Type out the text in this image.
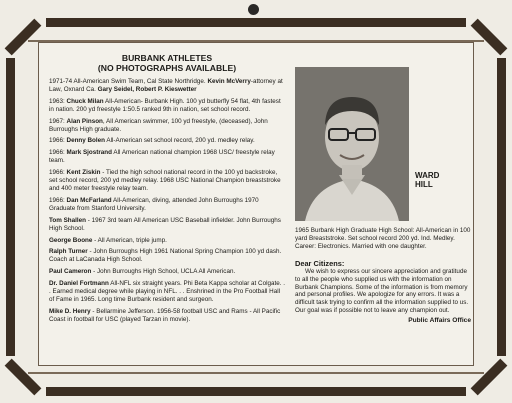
BURBANK ATHLETES
(NO PHOTOGRAPHS AVAILABLE)

1971-74 All-American Swim Team, Cal State Northridge. Kevin McVerry-attorney at Law, Oxnard Ca. Gary Seidel, Robert P. Kieswetter

1963: Chuck Milan All-American- Burbank High. 100 yd butterfly 54 flat, 4th fastest in nation. 200 yd freestyle 1:50.5 ranked 9th in nation, set school record.

1967: Alan Pinson, All American swimmer, 100 yd freestyle, (deceased), John Burroughs High graduate.

1966: Denny Bolen All-American set school record, 200 yd. medley relay.

1966: Mark Sjostrand All American national champion 1968 USC/ freestyle relay team.

1966: Kent Ziskin - Tied the high school national record in the 100 yd backstroke, set school record, 200 yd medley relay. 1968 USC National Champion breaststroke and 400 meter freestyle relay team.

1966: Dan McFarland All-American, diving, attended John Burroughs 1970 Graduate from Stanford University.

Tom Shallen - 1967 3rd team All American USC Baseball infielder. John Burroughs High School.

George Boone - All American, triple jump.

Ralph Turner - John Burroughs High 1961 National Spring Champion 100 yd dash. Coach at LaCanada High School.

Paul Cameron - John Burroughs High School, UCLA All American.

Dr. Daniel Fortmann All-NFL six straight years. Phi Beta Kappa scholar at Colgate. . . Earned medical degree while playing in NFL. . . Enshrined in the Pro Football Hall of Fame in 1965. Long time Burbank resident and surgeon.

Mike D. Henry - Bellarmine Jefferson. 1956-58 football USC and Rams - All Pacific Coast in football for USC (played Tarzan in movie).

WARD
HILL
1965 Burbank High Graduate High School: All-American in 100 yard Breaststroke. Set school record 200 yd. Ind. Medley. Career: Electronics. Married with one daughter.
Dear Citizens:
We wish to express our sincere appreciation and gratitude to all the people who supplied us with the information on Burbank Champions. Some of the information is from memory and personal profiles. We apologize for any errors. It was a difficult task trying to confirm all the information supplied to us. Our goal was if possible not to leave any champion out.
Public Affairs Office
